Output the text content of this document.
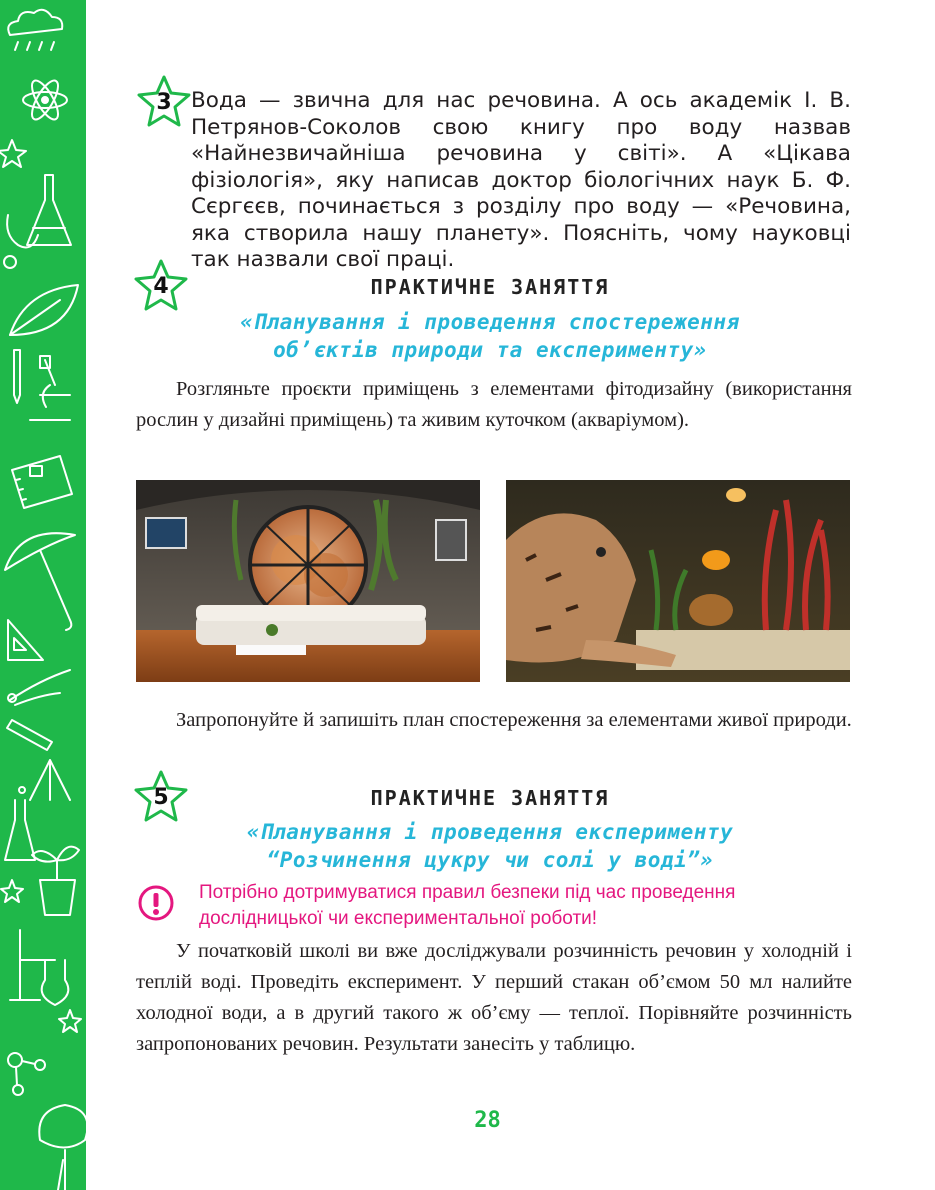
3 Вода — звична для нас речовина. А ось академік І. В. Петрянов-Соколов свою книгу про воду назвав «Найнезвичайніша речовина у світі». А «Цікава фізіологія», яку написав доктор біологічних наук Б. Ф. Сєргєєв, починається з розділу про воду — «Речовина, яка створила нашу планету». Поясніть, чому науковці так назвали свої праці.
4	ПРАКТИЧНЕ ЗАНЯТТЯ
«Планування і проведення спостереження
об’єктів природи та експерименту»
Розгляньте проєкти приміщень з елементами фітодизайну (використання рослин у дизайні приміщень) та живим куточком (акваріумом).
Запропонуйте й запишіть план спостереження за елементами живої природи.
5	ПРАКТИЧНЕ ЗАНЯТТЯ
«Планування і проведення експерименту
“Розчинення цукру чи солі у воді”»
Потрібно дотримуватися правил безпеки під час проведення дослідницької чи експериментальної роботи!
У початковій школі ви вже досліджували розчинність речовин у холодній і теплій воді. Проведіть експеримент. У перший стакан об’ємом 50 мл налийте холодної води, а в другий такого ж об’єму — теплої. Порівняйте розчинність запропонованих речовин. Результати занесіть у таблицю.
28
